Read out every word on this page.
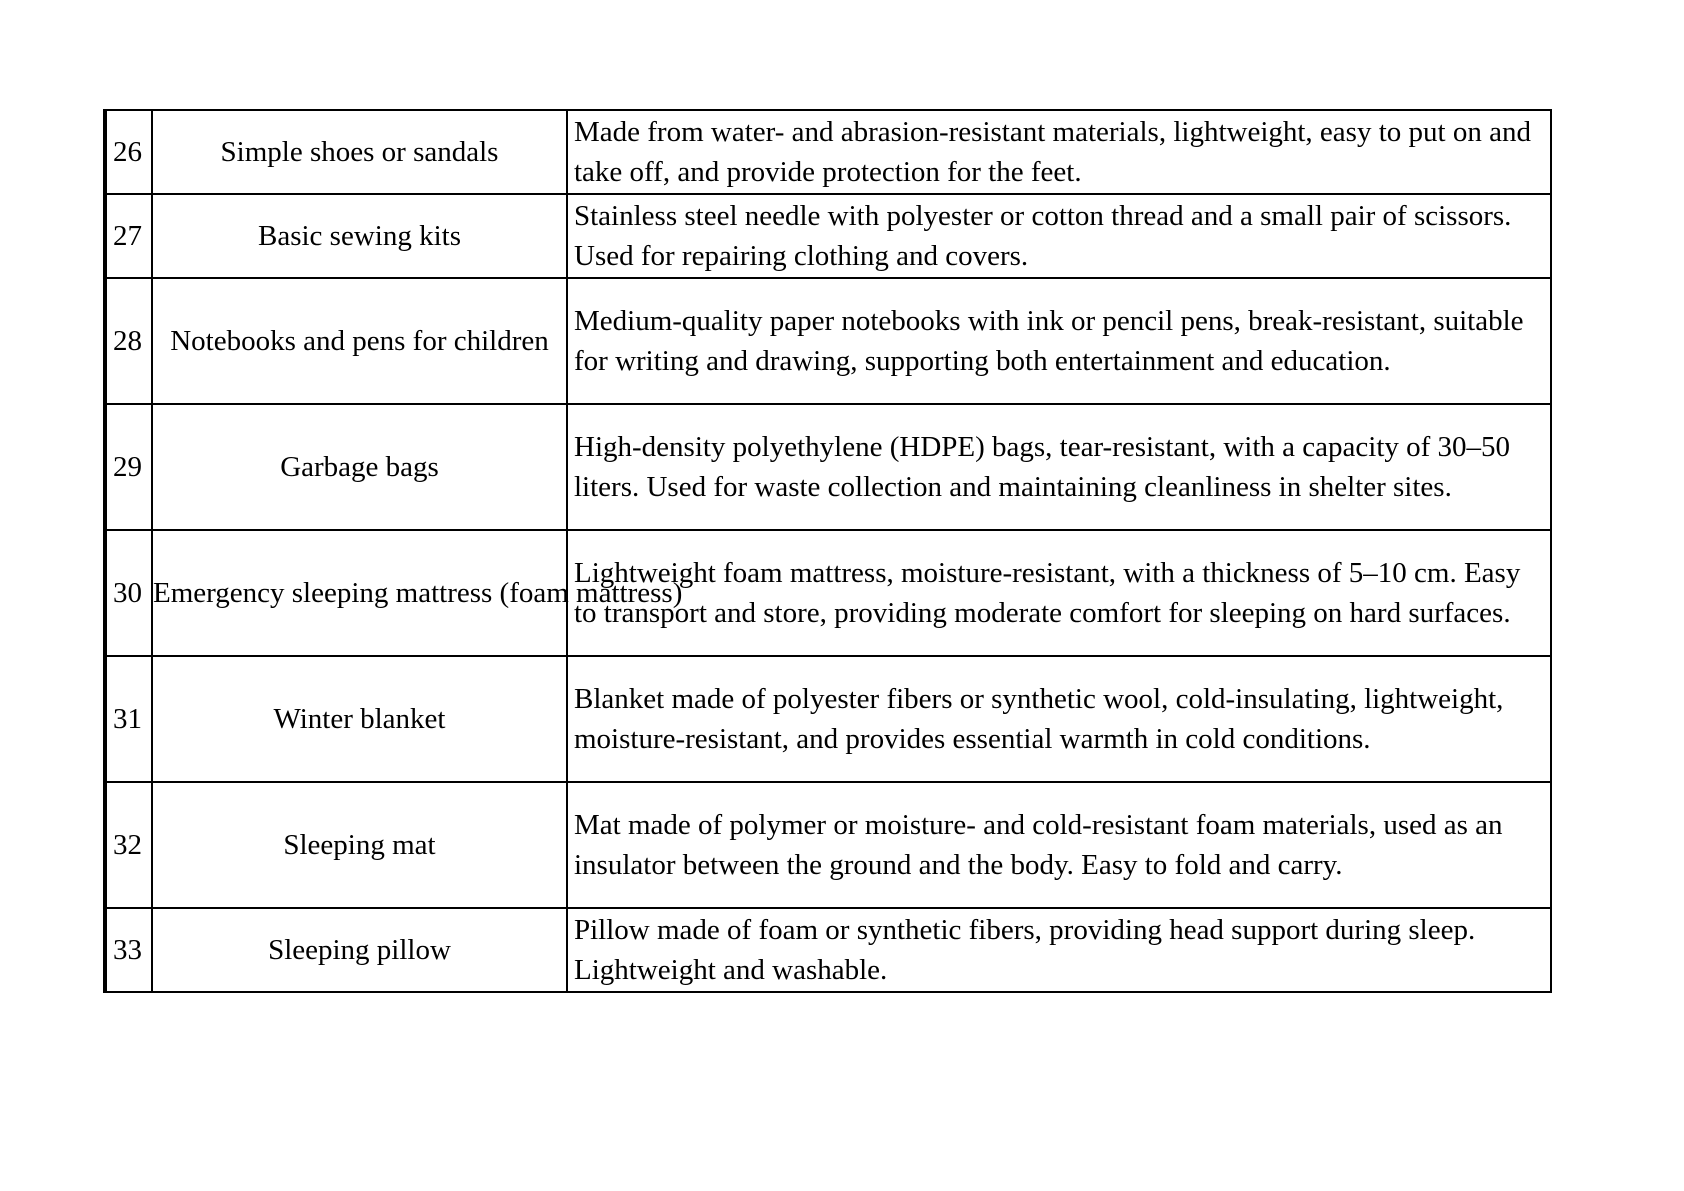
26	Simple shoes or sandals	Made from water- and abrasion-resistant materials, lightweight, easy to put on and take off, and provide protection for the feet.
27	Basic sewing kits	Stainless steel needle with polyester or cotton thread and a small pair of scissors. Used for repairing clothing and covers.
28	Notebooks and pens for children	Medium-quality paper notebooks with ink or pencil pens, break-resistant, suitable for writing and drawing, supporting both entertainment and education.
29	Garbage bags	High-density polyethylene (HDPE) bags, tear-resistant, with a capacity of 30–50 liters. Used for waste collection and maintaining cleanliness in shelter sites.
30	Emergency sleeping mattress (foam mattress)	Lightweight foam mattress, moisture-resistant, with a thickness of 5–10 cm. Easy to transport and store, providing moderate comfort for sleeping on hard surfaces.
31	Winter blanket	Blanket made of polyester fibers or synthetic wool, cold-insulating, lightweight, moisture-resistant, and provides essential warmth in cold conditions.
32	Sleeping mat	Mat made of polymer or moisture- and cold-resistant foam materials, used as an insulator between the ground and the body. Easy to fold and carry.
33	Sleeping pillow	Pillow made of foam or synthetic fibers, providing head support during sleep. Lightweight and washable.
